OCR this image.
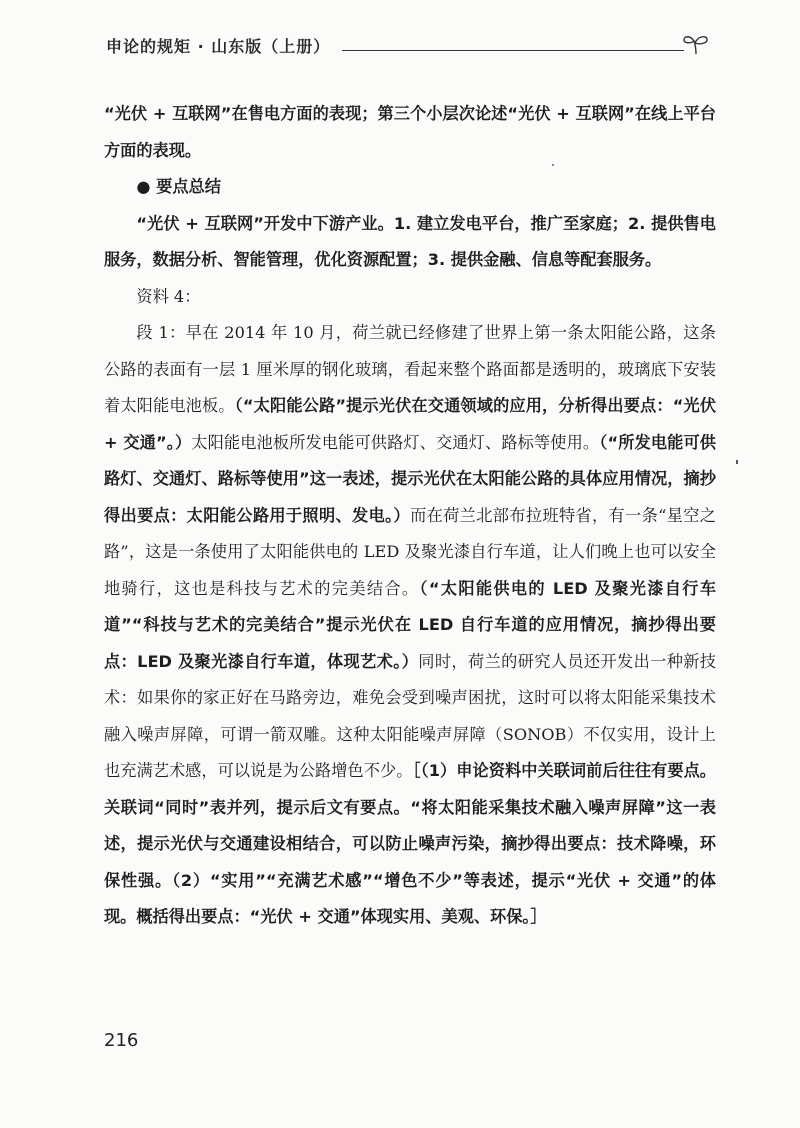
申论的规矩 · 山东版（上册）

“光伏 + 互联网”在售电方面的表现；第三个小层次论述“光伏 + 互联网”在线上平台方面的表现。

● 要点总结

“光伏 + 互联网”开发中下游产业。1. 建立发电平台，推广至家庭；2. 提供售电服务，数据分析、智能管理，优化资源配置；3. 提供金融、信息等配套服务。

资料 4：

段 1：早在 2014 年 10 月，荷兰就已经修建了世界上第一条太阳能公路，这条公路的表面有一层 1 厘米厚的钢化玻璃，看起来整个路面都是透明的，玻璃底下安装着太阳能电池板。（“太阳能公路”提示光伏在交通领域的应用，分析得出要点：“光伏 + 交通”。）太阳能电池板所发电能可供路灯、交通灯、路标等使用。（“所发电能可供路灯、交通灯、路标等使用”这一表述，提示光伏在太阳能公路的具体应用情况，摘抄得出要点：太阳能公路用于照明、发电。）而在荷兰北部布拉班特省，有一条“星空之路”，这是一条使用了太阳能供电的 LED 及聚光漆自行车道，让人们晚上也可以安全地骑行，这也是科技与艺术的完美结合。（“太阳能供电的 LED 及聚光漆自行车道”“科技与艺术的完美结合”提示光伏在 LED 自行车道的应用情况，摘抄得出要点：LED 及聚光漆自行车道，体现艺术。）同时，荷兰的研究人员还开发出一种新技术：如果你的家正好在马路旁边，难免会受到噪声困扰，这时可以将太阳能采集技术融入噪声屏障，可谓一箭双雕。这种太阳能噪声屏障（SONOB）不仅实用，设计上也充满艺术感，可以说是为公路增色不少。［（1）申论资料中关联词前后往往有要点。关联词“同时”表并列，提示后文有要点。“将太阳能采集技术融入噪声屏障”这一表述，提示光伏与交通建设相结合，可以防止噪声污染，摘抄得出要点：技术降噪，环保性强。（2）“实用”“充满艺术感”“增色不少”等表述，提示“光伏 + 交通”的体现。概括得出要点：“光伏 + 交通”体现实用、美观、环保。］

216
